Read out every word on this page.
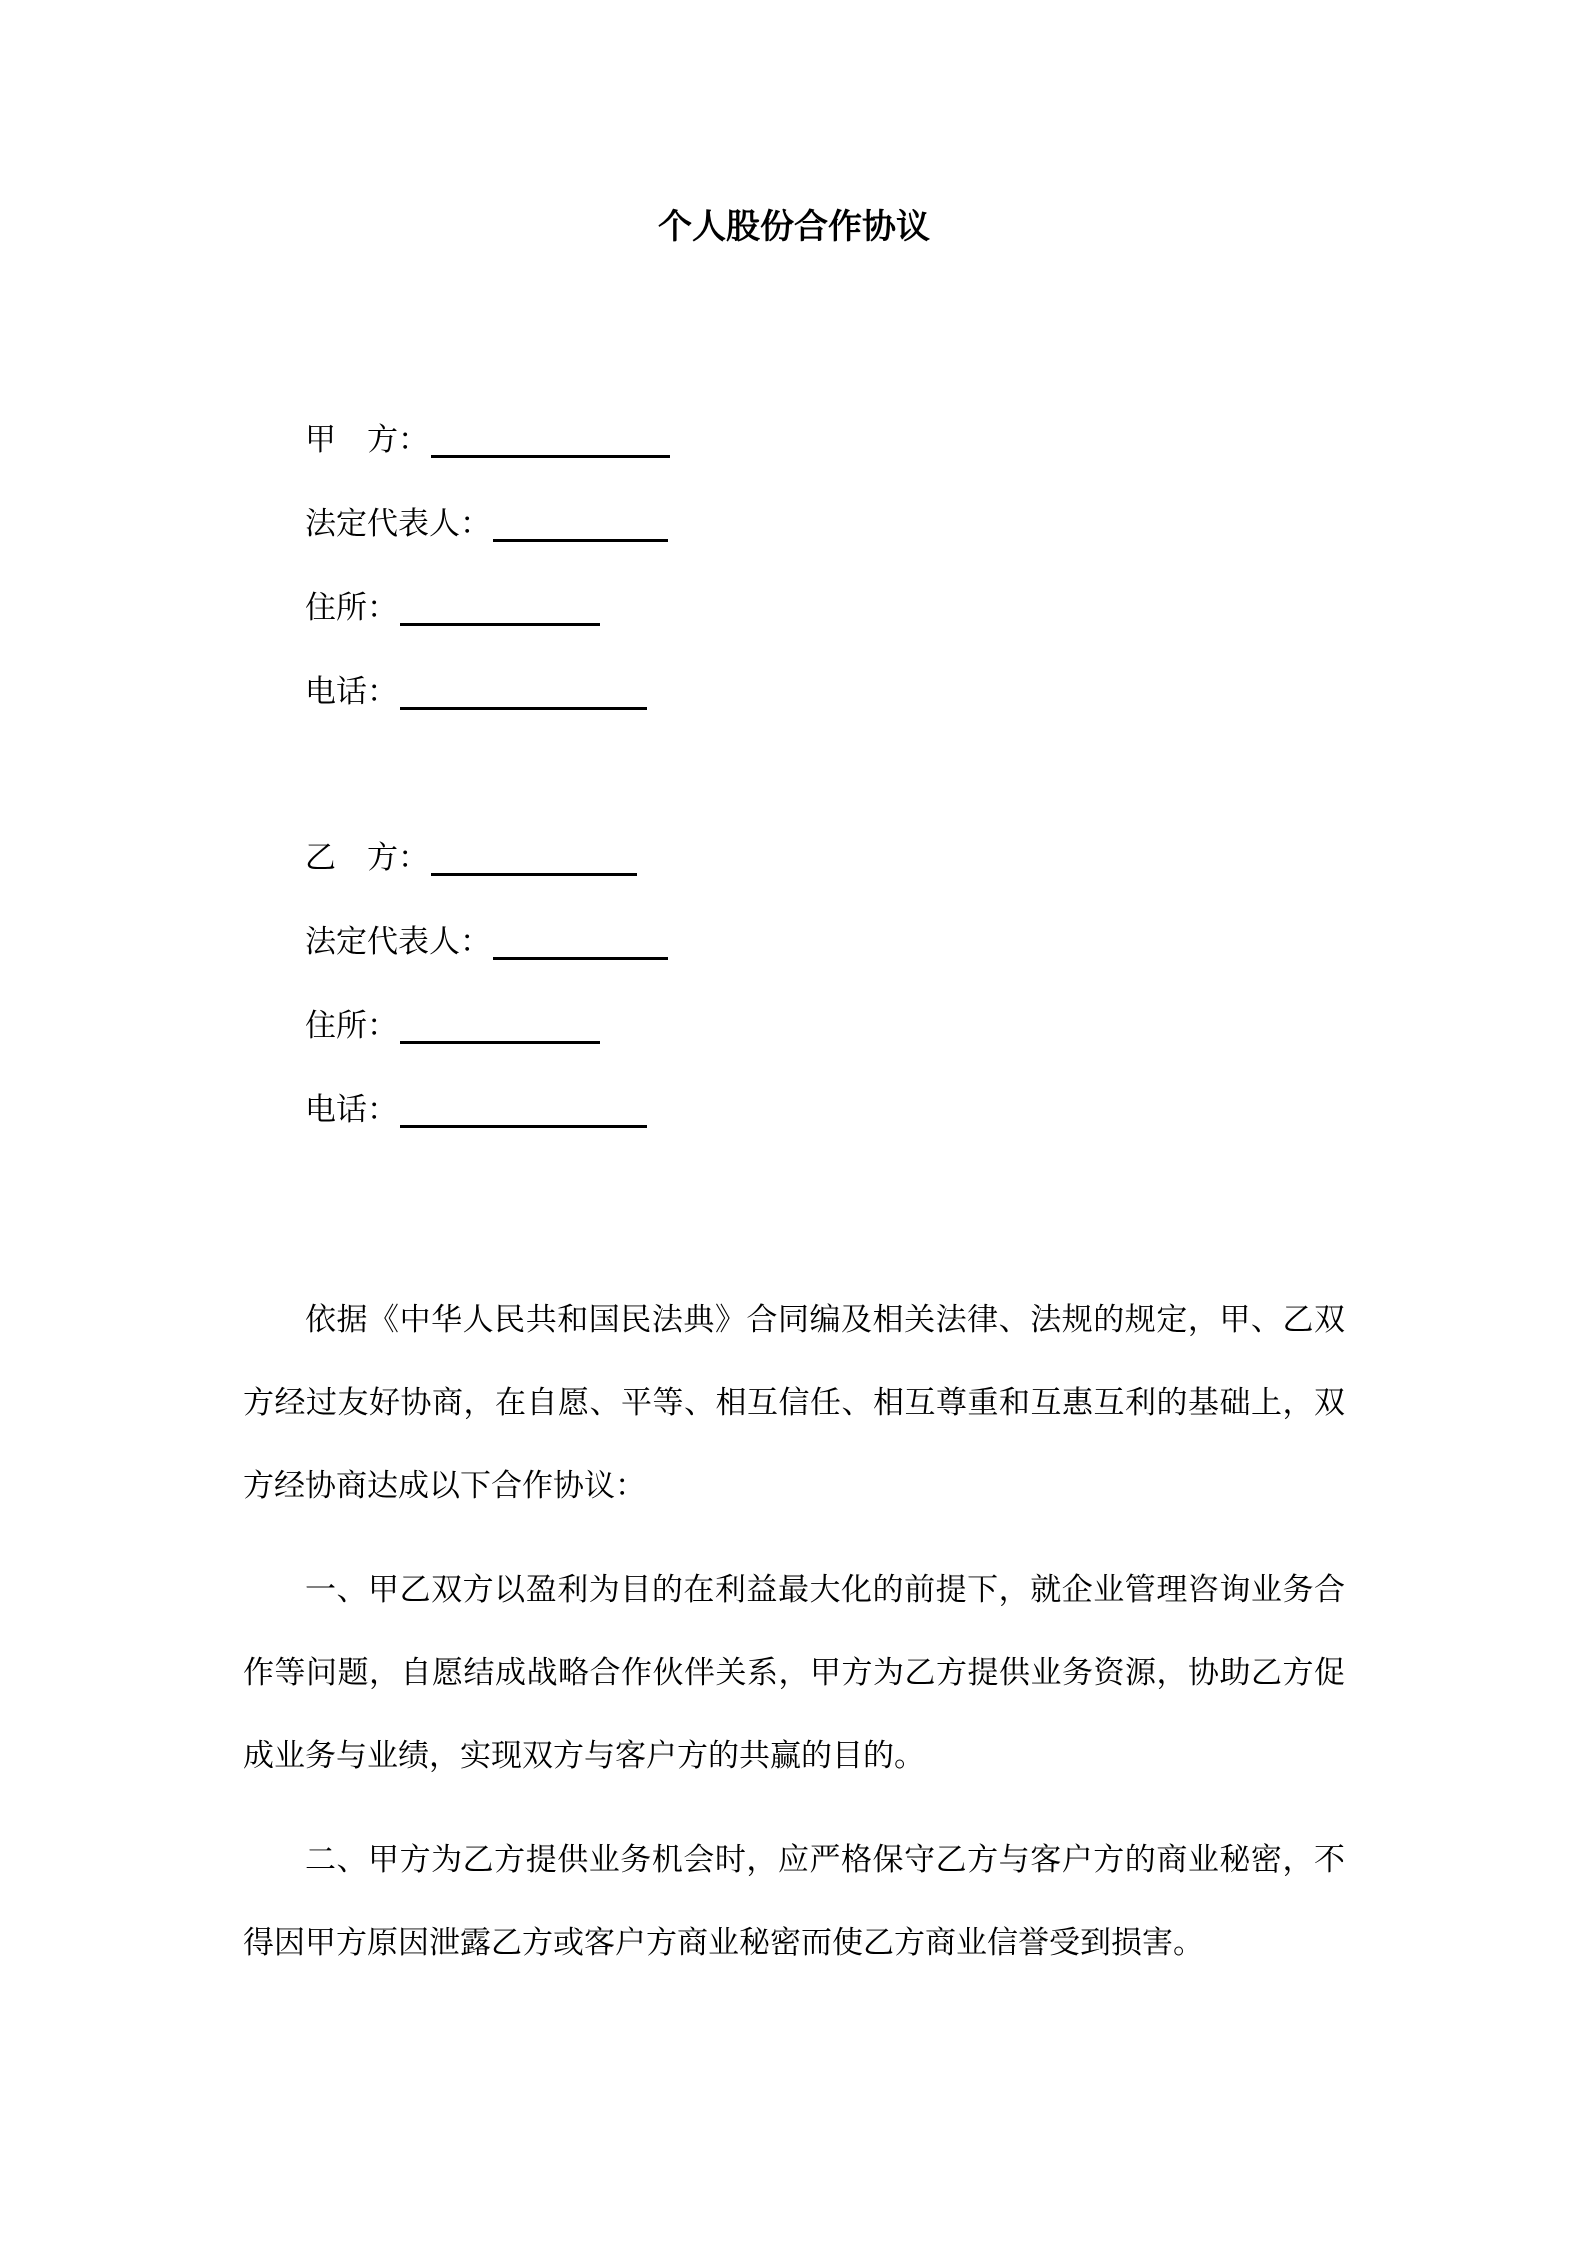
个人股份合作协议
甲　方：
法定代表人：
住所：
电话：
乙　方：
法定代表人：
住所：
电话：

依据《中华人民共和国民法典》合同编及相关法律、法规的规定，甲、乙双方经过友好协商，在自愿、平等、相互信任、相互尊重和互惠互利的基础上，双方经协商达成以下合作协议：

一、甲乙双方以盈利为目的在利益最大化的前提下，就企业管理咨询业务合作等问题，自愿结成战略合作伙伴关系，甲方为乙方提供业务资源，协助乙方促成业务与业绩，实现双方与客户方的共赢的目的。

二、甲方为乙方提供业务机会时，应严格保守乙方与客户方的商业秘密，不得因甲方原因泄露乙方或客户方商业秘密而使乙方商业信誉受到损害。
